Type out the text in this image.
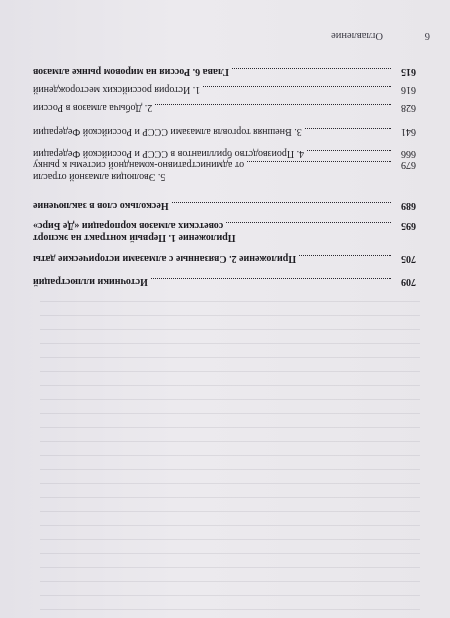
6
Оглавление
615
Глава 6. Россия на мировом рынке алмазов
616
1. История российских месторождений
628
2. Добыча алмазов в России
641
3. Внешняя торговля алмазами СССР и Российской Федерации
666
4. Производство бриллиантов в СССР и Российской Федерации
5. Эволюция алмазной отрасли
679
от административно-командной системы к рынку
689
Несколько слов в заключение
Приложение 1. Первый контракт на экспорт
695
советских алмазов корпорации «Де Бирс»
705
Приложение 2. Связанные с алмазами исторические даты
709
Источники иллюстраций
